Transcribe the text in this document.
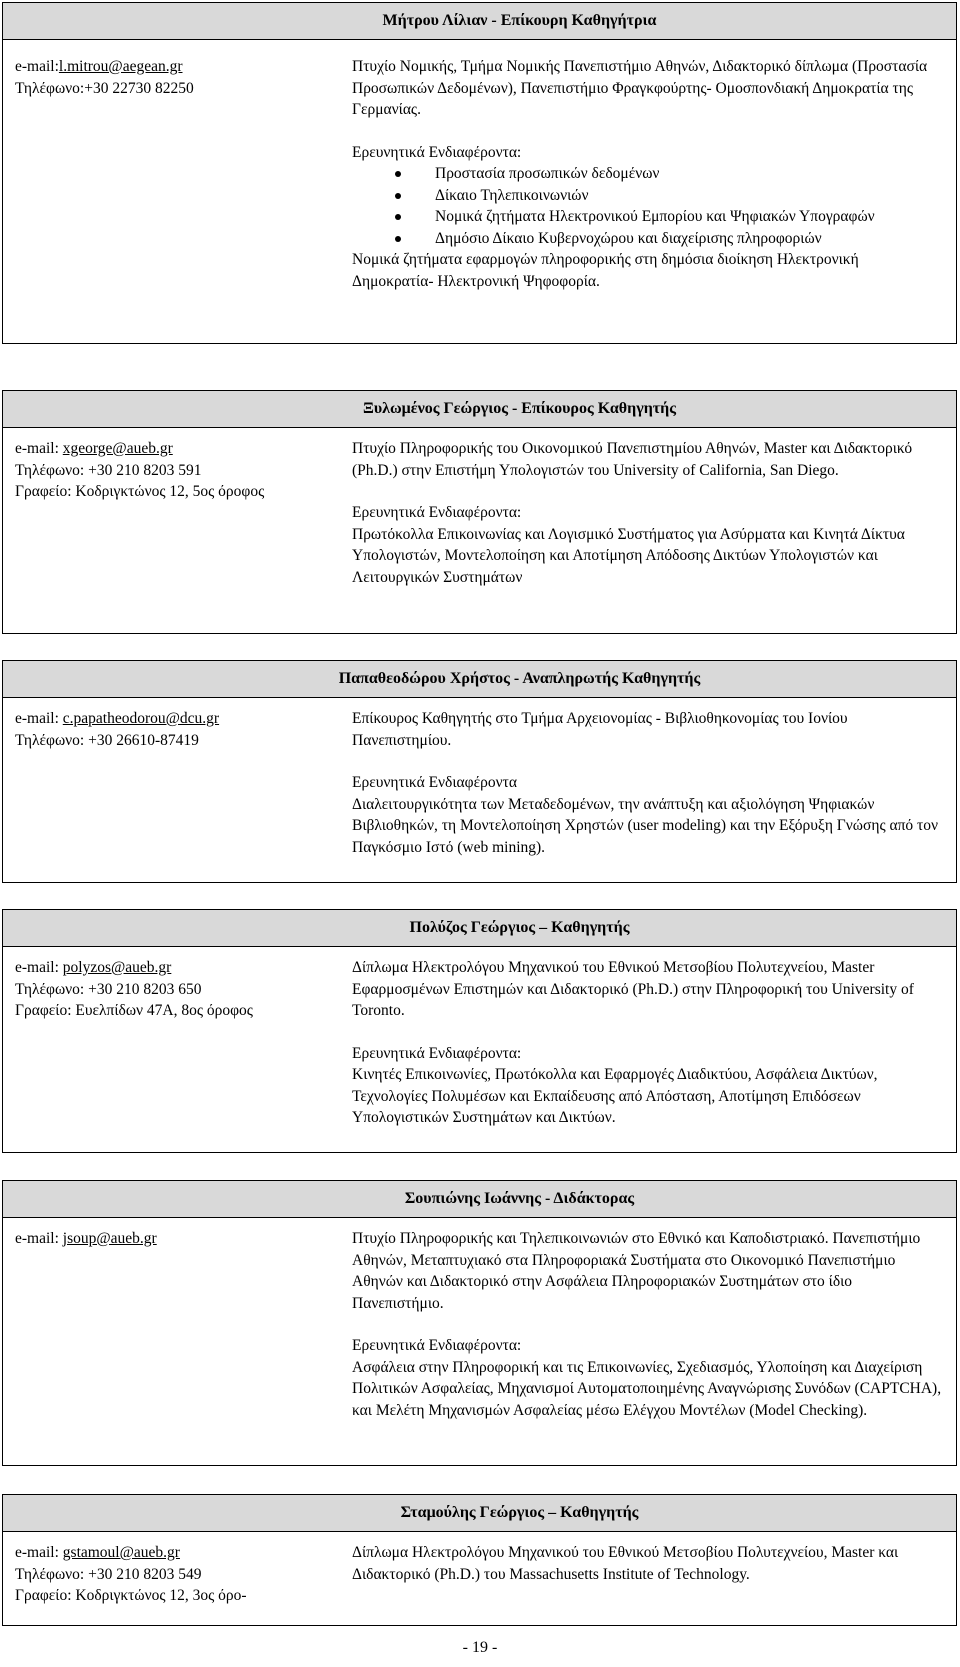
Μήτρου Λίλιαν - Επίκουρη Καθηγήτρια
e-mail:l.mitrou@aegean.gr
Τηλέφωνο:+30 22730 82250
Πτυχίο Νομικής, Τμήμα Νομικής Πανεπιστήμιο Αθηνών, Διδακτορικό δίπλωμα (Προστασία Προσωπικών Δεδομένων), Πανεπιστήμιο Φραγκφούρτης- Ομοσπονδιακή Δημοκρατία της Γερμανίας.
Ερευνητικά Ενδιαφέροντα:
Προστασία προσωπικών δεδομένων
Δίκαιο Τηλεπικοινωνιών
Νομικά ζητήματα Ηλεκτρονικού Εμπορίου και Ψηφιακών Υπογραφών
Δημόσιο Δίκαιο Κυβερνοχώρου και διαχείρισης πληροφοριών
Νομικά ζητήματα εφαρμογών πληροφορικής στη δημόσια διοίκηση Ηλεκτρονική Δημοκρατία- Ηλεκτρονική Ψηφοφορία.
Ξυλωμένος Γεώργιος - Επίκουρος Καθηγητής
e-mail: xgeorge@aueb.gr
Τηλέφωνο: +30 210 8203 591
Γραφείο: Κοδριγκτώνος 12, 5ος όροφος
Πτυχίο Πληροφορικής του Οικονομικού Πανεπιστημίου Αθηνών, Master και Διδακτορικό (Ph.D.) στην Επιστήμη Υπολογιστών του University of California, San Diego.
Ερευνητικά Ενδιαφέροντα:
Πρωτόκολλα Επικοινωνίας και Λογισμικό Συστήματος για Ασύρματα και Κινητά Δίκτυα Υπολογιστών, Μοντελοποίηση και Αποτίμηση Απόδοσης Δικτύων Υπολογιστών και Λειτουργικών Συστημάτων
Παπαθεοδώρου Χρήστος - Αναπληρωτής Καθηγητής
e-mail: c.papatheodorou@dcu.gr
Τηλέφωνο: +30 26610-87419
Επίκουρος Καθηγητής στο Τμήμα Αρχειονομίας - Βιβλιοθηκονομίας του Ιονίου Πανεπιστημίου.
Ερευνητικά Ενδιαφέροντα
Διαλειτουργικότητα των Μεταδεδομένων, την ανάπτυξη και αξιολόγηση Ψηφιακών Βιβλιοθηκών, τη Μοντελοποίηση Χρηστών (user modeling) και την Εξόρυξη Γνώσης από τον Παγκόσμιο Ιστό (web mining).
Πολύζος Γεώργιος – Καθηγητής
e-mail: polyzos@aueb.gr
Τηλέφωνο: +30 210 8203 650
Γραφείο: Ευελπίδων 47Α, 8ος όροφος
Δίπλωμα Ηλεκτρολόγου Μηχανικού του Εθνικού Μετσοβίου Πολυτεχνείου, Master Εφαρμοσμένων Επιστημών και Διδακτορικό (Ph.D.) στην Πληροφορική του University of Toronto.
Ερευνητικά Ενδιαφέροντα:
Κινητές Επικοινωνίες, Πρωτόκολλα και Εφαρμογές Διαδικτύου, Ασφάλεια Δικτύων, Τεχνολογίες Πολυμέσων και Εκπαίδευσης από Απόσταση, Αποτίμηση Επιδόσεων Υπολογιστικών Συστημάτων και Δικτύων.
Σουπιώνης Ιωάννης - Διδάκτορας
e-mail: jsoup@aueb.gr	Πτυχίο Πληροφορικής και Τηλεπικοινωνιών στο Εθνικό και Καποδιστριακό. Πανεπιστήμιο Αθηνών, Μεταπτυχιακό στα Πληροφοριακά Συστήματα στο Οικονομικό Πανεπιστήμιο Αθηνών και Διδακτορικό στην Ασφάλεια Πληροφοριακών Συστημάτων στο ίδιο Πανεπιστήμιο.
Ερευνητικά Ενδιαφέροντα:
Ασφάλεια στην Πληροφορική και τις Επικοινωνίες, Σχεδιασμός, Υλοποίηση και Διαχείριση Πολιτικών Ασφαλείας, Μηχανισμοί Αυτοματοποιημένης Αναγνώρισης Συνόδων (CAPTCHA), και Μελέτη Μηχανισμών Ασφαλείας μέσω Ελέγχου Μοντέλων (Model Checking).
Σταμούλης Γεώργιος – Καθηγητής
e-mail: gstamoul@aueb.gr
Τηλέφωνο: +30 210 8203 549
Γραφείο: Κοδριγκτώνος 12, 3ος όρο-
Δίπλωμα Ηλεκτρολόγου Μηχανικού του Εθνικού Μετσοβίου Πολυτεχνείου, Master και Διδακτορικό (Ph.D.) του Massachusetts Institute of Technology.
- 19 -
